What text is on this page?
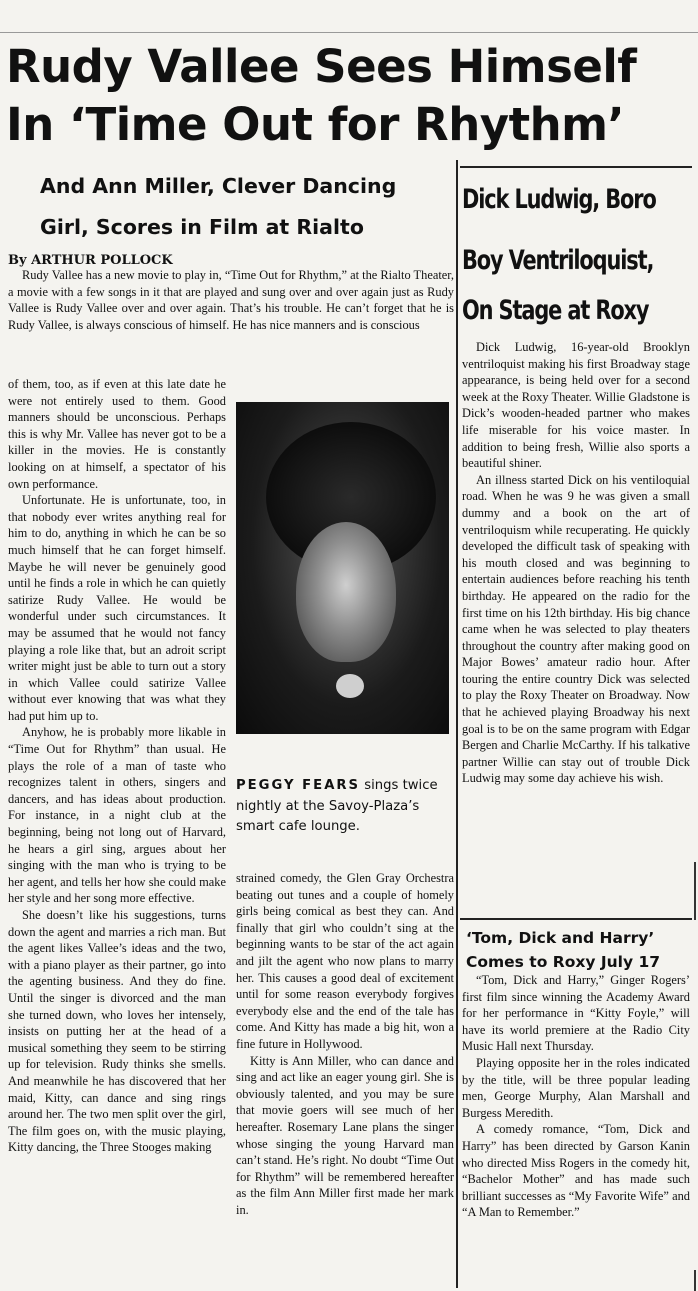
Rudy Vallee Sees Himself
In ‘Time Out for Rhythm’
And Ann Miller, Clever Dancing
Girl, Scores in Film at Rialto
By ARTHUR POLLOCK

Rudy Vallee has a new movie to play in, “Time Out for Rhythm,” at the Rialto Theater, a movie with a few songs in it that are played and sung over and over again just as Rudy Vallee is Rudy Vallee over and over again. That’s his trouble. He can’t forget that he is Rudy Vallee, is always conscious of himself. He has nice manners and is conscious

of them, too, as if even at this late date he were not entirely used to them. Good manners should be unconscious. Perhaps this is why Mr. Vallee has never got to be a killer in the movies. He is constantly looking on at himself, a spectator of his own performance.

Unfortunate. He is unfortunate, too, in that nobody ever writes anything real for him to do, anything in which he can be so much himself that he can forget himself. Maybe he will never be genuinely good until he finds a role in which he can quietly satirize Rudy Vallee. He would be wonderful under such circumstances. It may be assumed that he would not fancy playing a role like that, but an adroit script writer might just be able to turn out a story in which Vallee could satirize Vallee without ever knowing that was what they had put him up to.

Anyhow, he is probably more likable in “Time Out for Rhythm” than usual. He plays the role of a man of taste who recognizes talent in others, singers and dancers, and has ideas about production. For instance, in a night club at the beginning, being not long out of Harvard, he hears a girl sing, argues about her singing with the man who is trying to be her agent, and tells her how she could make her style and her song more effective.

She doesn’t like his suggestions, turns down the agent and marries a rich man. But the agent likes Vallee’s ideas and the two, with a piano player as their partner, go into the agenting business. And they do fine. Until the singer is divorced and the man she turned down, who loves her intensely, insists on putting her at the head of a musical something they seem to be stirring up for television. Rudy thinks she smells. And meanwhile he has discovered that her maid, Kitty, can dance and sing rings around her. The two men split over the girl, The film goes on, with the music playing, Kitty dancing, the Three Stooges making

PEGGY FEARS sings twice nightly at the Savoy-Plaza’s smart cafe lounge.

strained comedy, the Glen Gray Orchestra beating out tunes and a couple of homely girls being comical as best they can. And finally that girl who couldn’t sing at the beginning wants to be star of the act again and jilt the agent who now plans to marry her. This causes a good deal of excitement until for some reason everybody forgives everybody else and the end of the tale has come. And Kitty has made a big hit, won a fine future in Hollywood.

Kitty is Ann Miller, who can dance and sing and act like an eager young girl. She is obviously talented, and you may be sure that movie goers will see much of her hereafter. Rosemary Lane plans the singer whose singing the young Harvard man can’t stand. He’s right. No doubt “Time Out for Rhythm” will be remembered hereafter as the film Ann Miller first made her mark in.

Dick Ludwig, Boro
Boy Ventriloquist,
On Stage at Roxy

Dick Ludwig, 16-year-old Brooklyn ventriloquist making his first Broadway stage appearance, is being held over for a second week at the Roxy Theater. Willie Gladstone is Dick’s wooden-headed partner who makes life miserable for his voice master. In addition to being fresh, Willie also sports a beautiful shiner.

An illness started Dick on his ventiloquial road. When he was 9 he was given a small dummy and a book on the art of ventriloquism while recuperating. He quickly developed the difficult task of speaking with his mouth closed and was beginning to entertain audiences before reaching his tenth birthday. He appeared on the radio for the first time on his 12th birthday. His big chance came when he was selected to play theaters throughout the country after making good on Major Bowes’ amateur radio hour. After touring the entire country Dick was selected to play the Roxy Theater on Broadway. Now that he achieved playing Broadway his next goal is to be on the same program with Edgar Bergen and Charlie McCarthy. If his talkative partner Willie can stay out of trouble Dick Ludwig may some day achieve his wish.

‘Tom, Dick and Harry’
Comes to Roxy July 17

“Tom, Dick and Harry,” Ginger Rogers’ first film since winning the Academy Award for her performance in “Kitty Foyle,” will have its world premiere at the Radio City Music Hall next Thursday.

Playing opposite her in the roles indicated by the title, will be three popular leading men, George Murphy, Alan Marshall and Burgess Meredith.

A comedy romance, “Tom, Dick and Harry” has been directed by Garson Kanin who directed Miss Rogers in the comedy hit, “Bachelor Mother” and has made such brilliant successes as “My Favorite Wife” and “A Man to Remember.”
